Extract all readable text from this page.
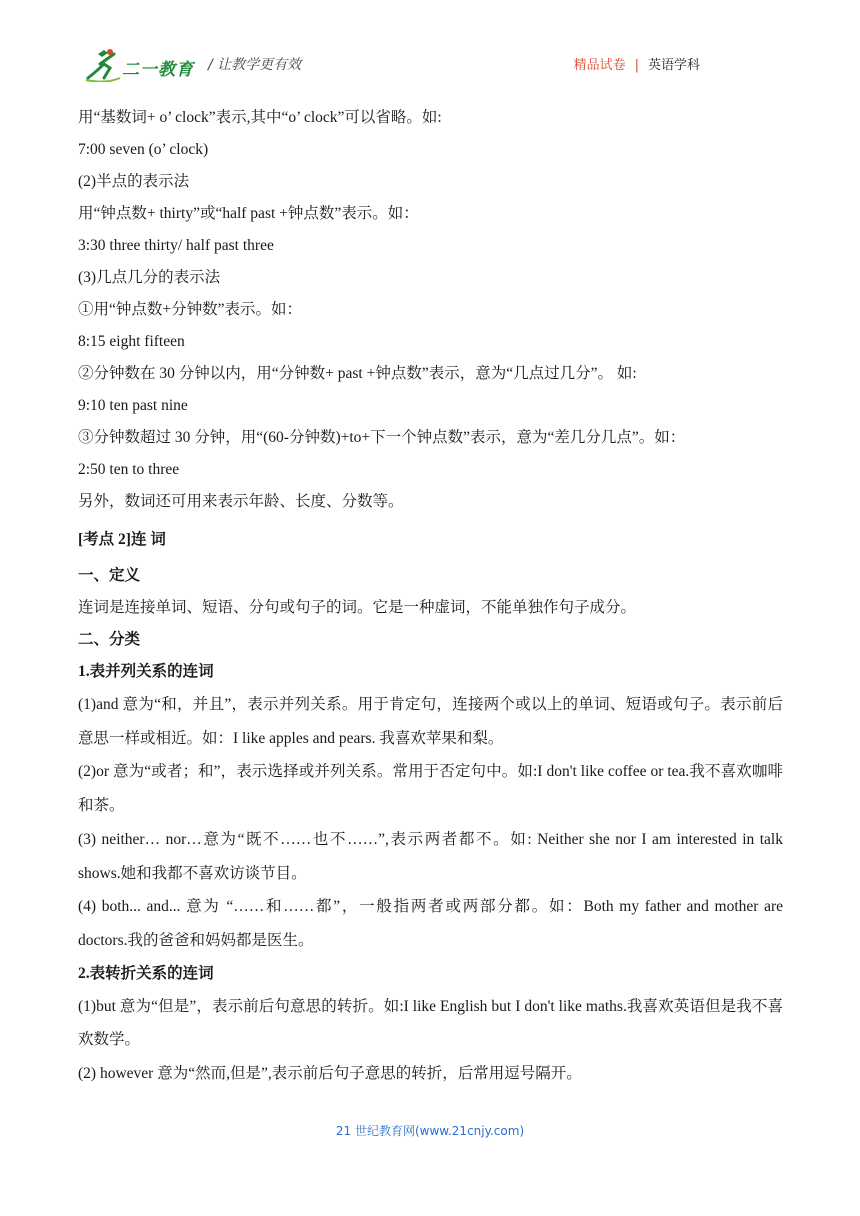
二一教育 / 让教学更有效	精品试卷 | 英语学科
用“基数词+ o’ clock”表示,其中“o’ clock”可以省略。如:
7:00 seven (o’ clock)
(2)半点的表示法
用“钟点数+ thirty”或“half past +钟点数”表示。如：
3:30 three thirty/ half past three
(3)几点几分的表示法
①用“钟点数+分钟数”表示。如：
8:15 eight fifteen
②分钟数在 30 分钟以内，用“分钟数+ past +钟点数”表示，意为“几点过几分”。 如:
9:10 ten past nine
③分钟数超过 30 分钟，用“(60-分钟数)+to+下一个钟点数”表示，意为“差几分几点”。如：
2:50 ten to three
另外，数词还可用来表示年龄、长度、分数等。
[考点 2]连 词
一、定义
连词是连接单词、短语、分句或句子的词。它是一种虚词，不能单独作句子成分。
二、分类
1.表并列关系的连词

(1)and 意为“和，并且”，表示并列关系。用于肯定句，连接两个或以上的单词、短语或句子。表示前后意思一样或相近。如：I like apples and pears. 我喜欢苹果和梨。

(2)or 意为“或者；和”，表示选择或并列关系。常用于否定句中。如:I don't like coffee or tea.我不喜欢咖啡和茶。

(3) neither… nor…意为“既不……也不……”,表示两者都不。如: Neither she nor I am interested in talk shows.她和我都不喜欢访谈节目。

(4) both... and... 意为 “……和……都”，一般指两者或两部分都。如：Both my father and mother are doctors.我的爸爸和妈妈都是医生。

2.表转折关系的连词

(1)but 意为“但是”，表示前后句意思的转折。如:I like English but I don't like maths.我喜欢英语但是我不喜欢数学。

(2) however 意为“然而,但是”,表示前后句子意思的转折，后常用逗号隔开。

21 世纪教育网(www.21cnjy.com)
